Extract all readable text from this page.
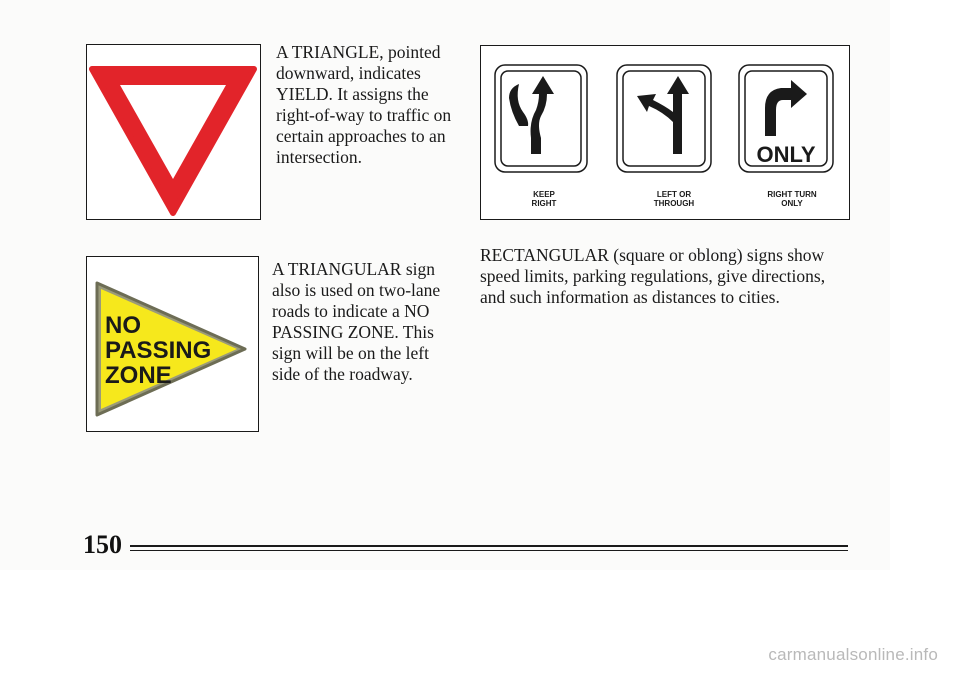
YIELD

A TRIANGLE, pointed downward, indicates YIELD. It assigns the right-of-way to traffic on certain approaches to an intersection.

NO
PASSING
ZONE

A TRIANGULAR sign also is used on two-lane roads to indicate a NO PASSING ZONE. This sign will be on the left side of the roadway.

ONLY
KEEP
RIGHT
LEFT OR
THROUGH
RIGHT TURN
ONLY

RECTANGULAR (square or oblong) signs show speed limits, parking regulations, give directions, and such information as distances to cities.

150
carmanualsonline.info
